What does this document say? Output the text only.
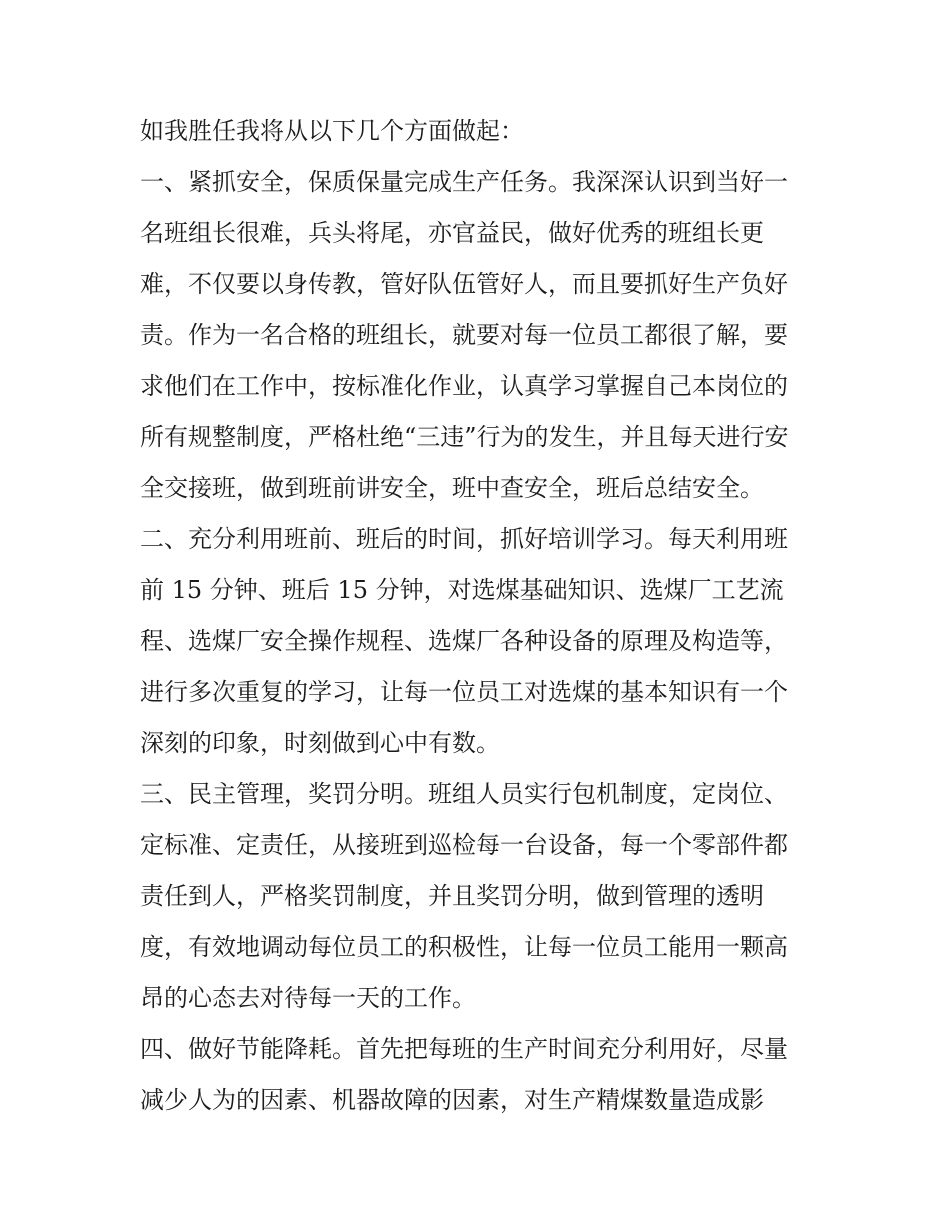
如我胜任我将从以下几个方面做起：
一、紧抓安全，保质保量完成生产任务。我深深认识到当好一
名班组长很难，兵头将尾，亦官益民，做好优秀的班组长更
难，不仅要以身传教，管好队伍管好人，而且要抓好生产负好
责。作为一名合格的班组长，就要对每一位员工都很了解，要
求他们在工作中，按标准化作业，认真学习掌握自己本岗位的
所有规整制度，严格杜绝“三违”行为的发生，并且每天进行安
全交接班，做到班前讲安全，班中查安全，班后总结安全。
二、充分利用班前、班后的时间，抓好培训学习。每天利用班
前 15 分钟、班后 15 分钟，对选煤基础知识、选煤厂工艺流
程、选煤厂安全操作规程、选煤厂各种设备的原理及构造等，
进行多次重复的学习，让每一位员工对选煤的基本知识有一个
深刻的印象，时刻做到心中有数。
三、民主管理，奖罚分明。班组人员实行包机制度，定岗位、
定标准、定责任，从接班到巡检每一台设备，每一个零部件都
责任到人，严格奖罚制度，并且奖罚分明，做到管理的透明
度，有效地调动每位员工的积极性，让每一位员工能用一颗高
昂的心态去对待每一天的工作。
四、做好节能降耗。首先把每班的生产时间充分利用好，尽量
减少人为的因素、机器故障的因素，对生产精煤数量造成影
